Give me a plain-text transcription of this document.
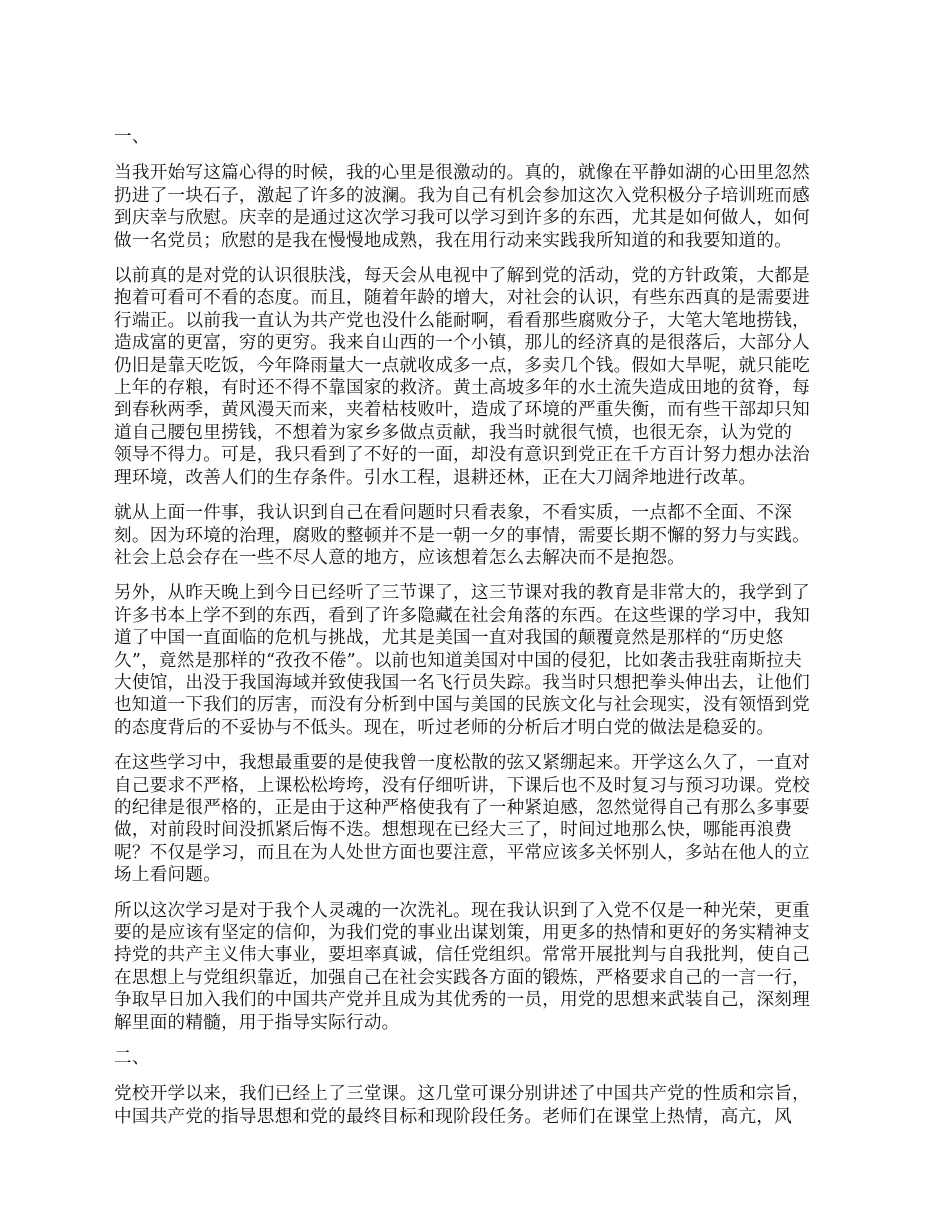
一、
当我开始写这篇心得的时候，我的心里是很激动的。真的，就像在平静如湖的心田里忽然
扔进了一块石子，激起了许多的波澜。我为自己有机会参加这次入党积极分子培训班而感
到庆幸与欣慰。庆幸的是通过这次学习我可以学习到许多的东西，尤其是如何做人，如何
做一名党员；欣慰的是我在慢慢地成熟，我在用行动来实践我所知道的和我要知道的。
以前真的是对党的认识很肤浅，每天会从电视中了解到党的活动，党的方针政策，大都是
抱着可看可不看的态度。而且，随着年龄的增大，对社会的认识，有些东西真的是需要进
行端正。以前我一直认为共产党也没什么能耐啊，看看那些腐败分子，大笔大笔地捞钱，
造成富的更富，穷的更穷。我来自山西的一个小镇，那儿的经济真的是很落后，大部分人
仍旧是靠天吃饭，今年降雨量大一点就收成多一点，多卖几个钱。假如大旱呢，就只能吃
上年的存粮，有时还不得不靠国家的救济。黄土高坡多年的水土流失造成田地的贫脊，每
到春秋两季，黄风漫天而来，夹着枯枝败叶，造成了环境的严重失衡，而有些干部却只知
道自己腰包里捞钱，不想着为家乡多做点贡献，我当时就很气愤，也很无奈，认为党的
领导不得力。可是，我只看到了不好的一面，却没有意识到党正在千方百计努力想办法治
理环境，改善人们的生存条件。引水工程，退耕还林，正在大刀阔斧地进行改革。
就从上面一件事，我认识到自己在看问题时只看表象，不看实质，一点都不全面、不深
刻。因为环境的治理，腐败的整顿并不是一朝一夕的事情，需要长期不懈的努力与实践。
社会上总会存在一些不尽人意的地方，应该想着怎么去解决而不是抱怨。
另外，从昨天晚上到今日已经听了三节课了，这三节课对我的教育是非常大的，我学到了
许多书本上学不到的东西，看到了许多隐藏在社会角落的东西。在这些课的学习中，我知
道了中国一直面临的危机与挑战，尤其是美国一直对我国的颠覆竟然是那样的“历史悠
久”，竟然是那样的“孜孜不倦”。以前也知道美国对中国的侵犯，比如袭击我驻南斯拉夫
大使馆，出没于我国海域并致使我国一名飞行员失踪。我当时只想把拳头伸出去，让他们
也知道一下我们的厉害，而没有分析到中国与美国的民族文化与社会现实，没有领悟到党
的态度背后的不妥协与不低头。现在，听过老师的分析后才明白党的做法是稳妥的。
在这些学习中，我想最重要的是使我曾一度松散的弦又紧绷起来。开学这么久了，一直对
自己要求不严格，上课松松垮垮，没有仔细听讲，下课后也不及时复习与预习功课。党校
的纪律是很严格的，正是由于这种严格使我有了一种紧迫感，忽然觉得自己有那么多事要
做，对前段时间没抓紧后悔不迭。想想现在已经大三了，时间过地那么快，哪能再浪费
呢？不仅是学习，而且在为人处世方面也要注意，平常应该多关怀别人，多站在他人的立
场上看问题。
所以这次学习是对于我个人灵魂的一次洗礼。现在我认识到了入党不仅是一种光荣，更重
要的是应该有坚定的信仰，为我们党的事业出谋划策，用更多的热情和更好的务实精神支
持党的共产主义伟大事业，要坦率真诚，信任党组织。常常开展批判与自我批判，使自己
在思想上与党组织靠近，加强自己在社会实践各方面的锻炼，严格要求自己的一言一行，
争取早日加入我们的中国共产党并且成为其优秀的一员，用党的思想来武装自己，深刻理
解里面的精髓，用于指导实际行动。
二、
党校开学以来，我们已经上了三堂课。这几堂可课分别讲述了中国共产党的性质和宗旨，
中国共产党的指导思想和党的最终目标和现阶段任务。老师们在课堂上热情，高亢，风
